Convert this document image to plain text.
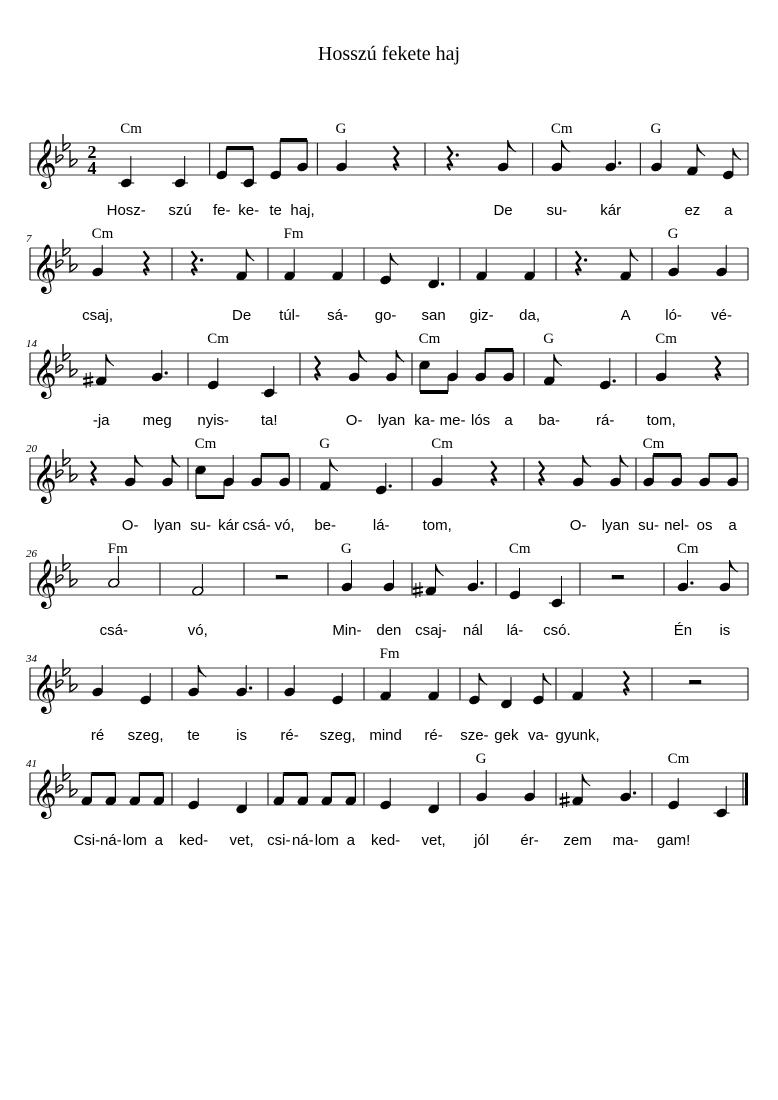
Hosszú fekete haj
𝄞 2
4
Cm	G	Cm	G
Hosz- szú fe- ke- te haj,	De su- kár	ez a
𝄞
7	Cm	Fm	G
csaj,	De túl- sá- go- san giz- da,	A ló- vé-
𝄞
14	Cm	Cm	G	Cm
-ja meg nyis- ta!	O- lyan ka- me- lós a ba- rá- tom,
𝄞
20	Cm	G	Cm	Cm
O- lyan su- kár csá- vó, be- lá- tom,	O- lyan su- nel- os a
𝄞
26	Fm	G	Cm	Cm
csá-	vó,	Min- den csaj- nál lá- csó.	Én is
𝄞
34	Fm
ré szeg, te is ré- szeg, mind ré- sze- gek va- gyunk,
𝄞
41	G	Cm
Csi- ná- lom a ked- vet, csi- ná- lom a ked- vet, jól ér- zem ma- gam!
